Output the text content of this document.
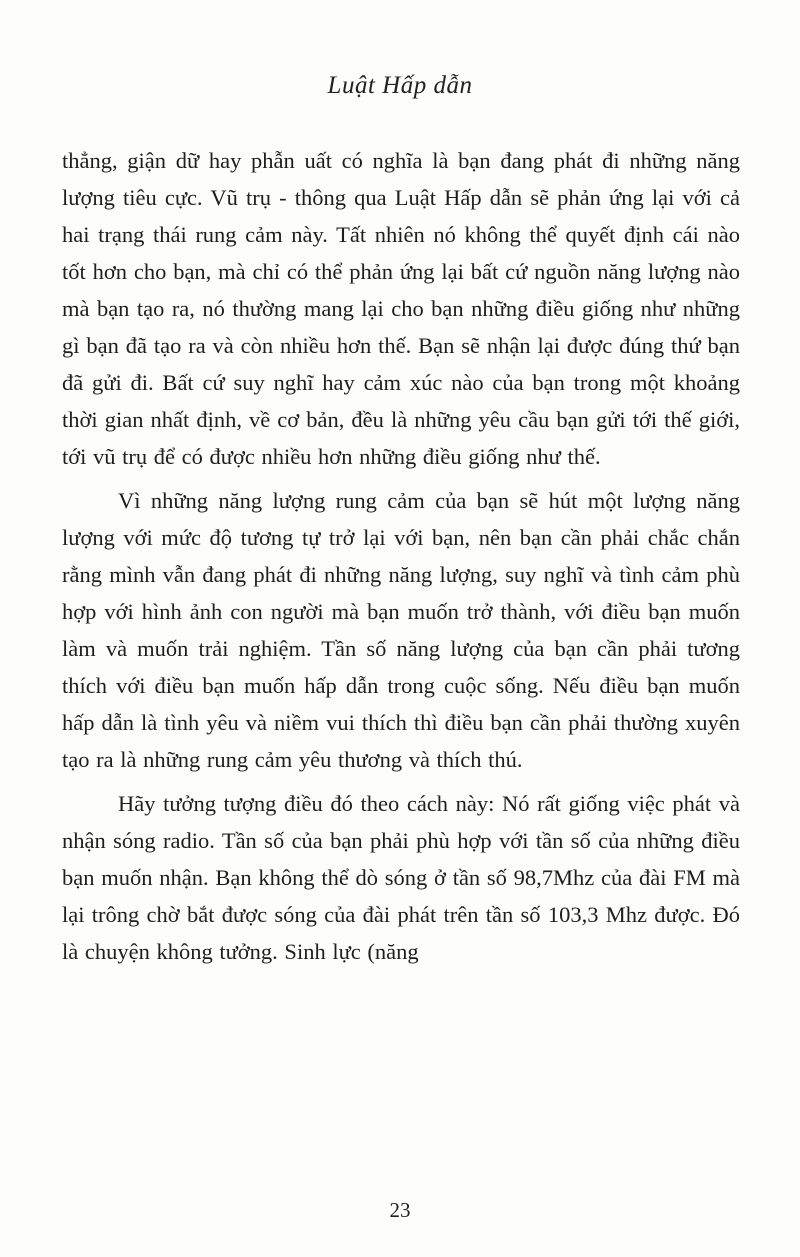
Luật Hấp dẫn

thẳng, giận dữ hay phẫn uất có nghĩa là bạn đang phát đi những năng lượng tiêu cực. Vũ trụ - thông qua Luật Hấp dẫn sẽ phản ứng lại với cả hai trạng thái rung cảm này. Tất nhiên nó không thể quyết định cái nào tốt hơn cho bạn, mà chỉ có thể phản ứng lại bất cứ nguồn năng lượng nào mà bạn tạo ra, nó thường mang lại cho bạn những điều giống như những gì bạn đã tạo ra và còn nhiều hơn thế. Bạn sẽ nhận lại được đúng thứ bạn đã gửi đi. Bất cứ suy nghĩ hay cảm xúc nào của bạn trong một khoảng thời gian nhất định, về cơ bản, đều là những yêu cầu bạn gửi tới thế giới, tới vũ trụ để có được nhiều hơn những điều giống như thế.

Vì những năng lượng rung cảm của bạn sẽ hút một lượng năng lượng với mức độ tương tự trở lại với bạn, nên bạn cần phải chắc chắn rằng mình vẫn đang phát đi những năng lượng, suy nghĩ và tình cảm phù hợp với hình ảnh con người mà bạn muốn trở thành, với điều bạn muốn làm và muốn trải nghiệm. Tần số năng lượng của bạn cần phải tương thích với điều bạn muốn hấp dẫn trong cuộc sống. Nếu điều bạn muốn hấp dẫn là tình yêu và niềm vui thích thì điều bạn cần phải thường xuyên tạo ra là những rung cảm yêu thương và thích thú.

Hãy tưởng tượng điều đó theo cách này: Nó rất giống việc phát và nhận sóng radio. Tần số của bạn phải phù hợp với tần số của những điều bạn muốn nhận. Bạn không thể dò sóng ở tần số 98,7Mhz của đài FM mà lại trông chờ bắt được sóng của đài phát trên tần số 103,3 Mhz được. Đó là chuyện không tưởng. Sinh lực (năng

23
